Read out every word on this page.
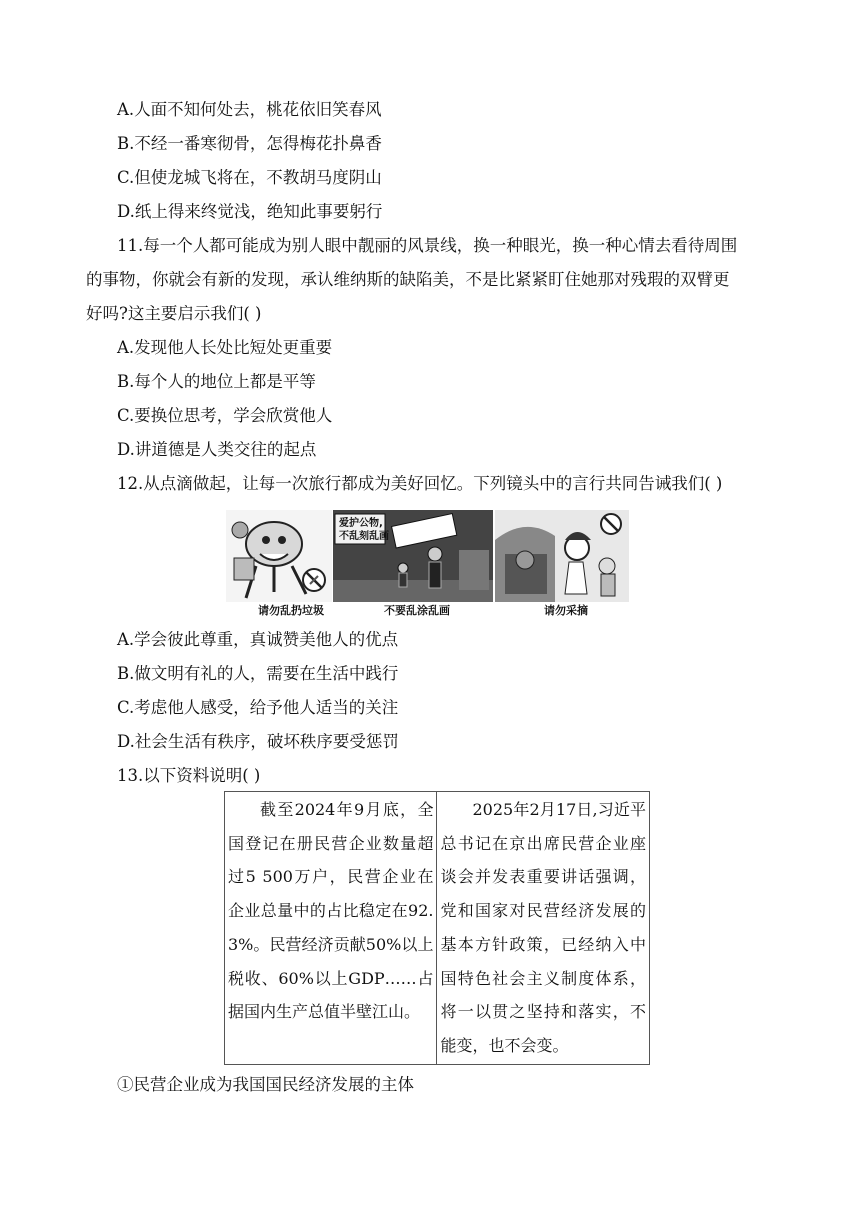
A.人面不知何处去，桃花依旧笑春风
B.不经一番寒彻骨，怎得梅花扑鼻香
C.但使龙城飞将在，不教胡马度阴山
D.纸上得来终觉浅，绝知此事要躬行
11.每一个人都可能成为别人眼中靓丽的风景线，换一种眼光，换一种心情去看待周围
的事物，你就会有新的发现，承认维纳斯的缺陷美，不是比紧紧盯住她那对残瑕的双臂更
好吗?这主要启示我们( )
A.发现他人长处比短处更重要
B.每个人的地位上都是平等
C.要换位思考，学会欣赏他人
D.讲道德是人类交往的起点
12.从点滴做起，让每一次旅行都成为美好回忆。下列镜头中的言行共同告诫我们( )
请勿乱扔垃圾
爱护公物,
不乱刻乱画
不要乱涂乱画	请勿采摘
A.学会彼此尊重，真诚赞美他人的优点
B.做文明有礼的人，需要在生活中践行
C.考虑他人感受，给予他人适当的关注
D.社会生活有秩序，破坏秩序要受惩罚
13.以下资料说明( )
截至2024年9月底，全国登记在册民营企业数量超过5 500万户，民营企业在企业总量中的占比稳定在92.3%。民营经济贡献50%以上税收、60%以上GDP……占据国内生产总值半壁江山。	2025年2月17日,习近平总书记在京出席民营企业座谈会并发表重要讲话强调，党和国家对民营经济发展的基本方针政策，已经纳入中国特色社会主义制度体系，将一以贯之坚持和落实，不能变，也不会变。
①民营企业成为我国国民经济发展的主体
